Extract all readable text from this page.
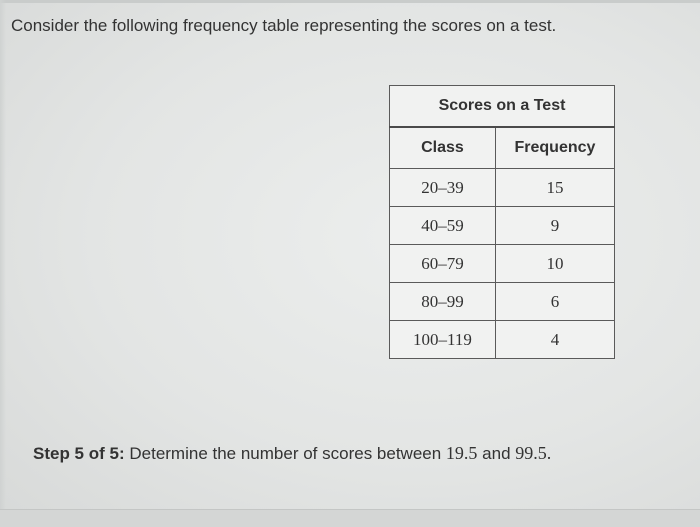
Consider the following frequency table representing the scores on a test.
Scores on a Test	
Class	Frequency
20–39	15
40–59	9
60–79	10
80–99	6
100–119	4
Step 5 of 5: Determine the number of scores between 19.5 and 99.5.
